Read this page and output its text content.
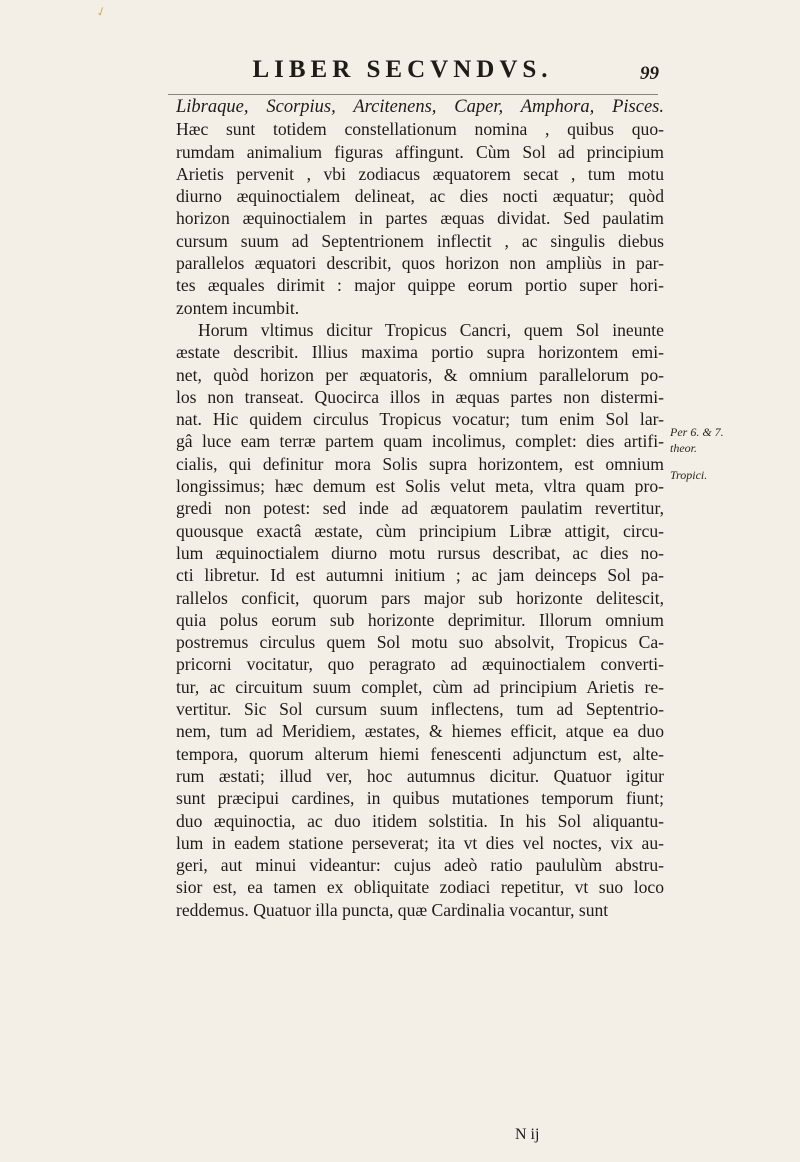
✓
LIBER SECVNDVS.	99
Libraque, Scorpius, Arcitenens, Caper, Amphora, Pisces.
Hæc sunt totidem constellationum nomina , quibus quo-
rumdam animalium figuras affingunt. Cùm Sol ad principium
Arietis pervenit , vbi zodiacus æquatorem secat , tum motu
diurno æquinoctialem delineat, ac dies nocti æquatur; quòd
horizon æquinoctialem in partes æquas dividat. Sed paulatim
cursum suum ad Septentrionem inflectit , ac singulis diebus
parallelos æquatori describit, quos horizon non ampliùs in par-
tes æquales dirimit : major quippe eorum portio super hori-
zontem incumbit.
Horum vltimus dicitur Tropicus Cancri, quem Sol ineunte
æstate describit. Illius maxima portio supra horizontem emi-
net, quòd horizon per æquatoris, & omnium parallelorum po-
los non transeat. Quocirca illos in æquas partes non distermi-
nat. Hic quidem circulus Tropicus vocatur; tum enim Sol lar-
gâ luce eam terræ partem quam incolimus, complet: dies artifi-
cialis, qui definitur mora Solis supra horizontem, est omnium
longissimus; hæc demum est Solis velut meta, vltra quam pro-
gredi non potest: sed inde ad æquatorem paulatim revertitur,
quousque exactâ æstate, cùm principium Libræ attigit, circu-
lum æquinoctialem diurno motu rursus describat, ac dies no-
cti libretur. Id est autumni initium ; ac jam deinceps Sol pa-
rallelos conficit, quorum pars major sub horizonte delitescit,
quia polus eorum sub horizonte deprimitur. Illorum omnium
postremus circulus quem Sol motu suo absolvit, Tropicus Ca-
pricorni vocitatur, quo peragrato ad æquinoctialem converti-
tur, ac circuitum suum complet, cùm ad principium Arietis re-
vertitur. Sic Sol cursum suum inflectens, tum ad Septentrio-
nem, tum ad Meridiem, æstates, & hiemes efficit, atque ea duo
tempora, quorum alterum hiemi fenescenti adjunctum est, alte-
rum æstati; illud ver, hoc autumnus dicitur. Quatuor igitur
sunt præcipui cardines, in quibus mutationes temporum fiunt;
duo æquinoctia, ac duo itidem solstitia. In his Sol aliquantu-
lum in eadem statione perseverat; ita vt dies vel noctes, vix au-
geri, aut minui videantur: cujus adeò ratio paululùm abstru-
sior est, ea tamen ex obliquitate zodiaci repetitur, vt suo loco
reddemus. Quatuor illa puncta, quæ Cardinalia vocantur, sunt
Per 6. & 7.
theor.
Tropici.
N ij
